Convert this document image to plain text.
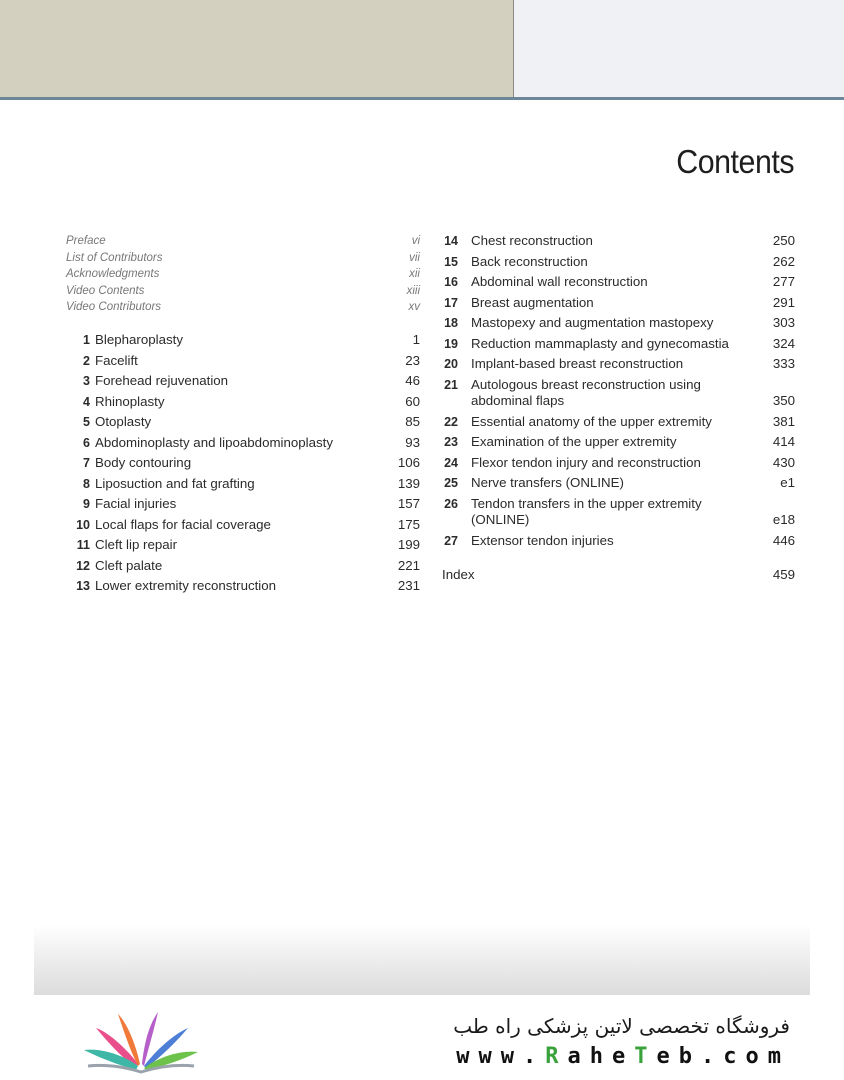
Contents
Preface	vi
List of Contributors	vii
Acknowledgments	xii
Video Contents	xiii
Video Contributors	xv
1 Blepharoplasty	1
2 Facelift	23
3 Forehead rejuvenation	46
4 Rhinoplasty	60
5 Otoplasty	85
6 Abdominoplasty and lipoabdominoplasty	93
7 Body contouring	106
8 Liposuction and fat grafting	139
9 Facial injuries	157
10 Local flaps for facial coverage	175
11 Cleft lip repair	199
12 Cleft palate	221
13 Lower extremity reconstruction	231
14 Chest reconstruction	250
15 Back reconstruction	262
16 Abdominal wall reconstruction	277
17 Breast augmentation	291
18 Mastopexy and augmentation mastopexy	303
19 Reduction mammaplasty and gynecomastia	324
20 Implant-based breast reconstruction	333
21 Autologous breast reconstruction using abdominal flaps	350
22 Essential anatomy of the upper extremity	381
23 Examination of the upper extremity	414
24 Flexor tendon injury and reconstruction	430
25 Nerve transfers (ONLINE)	e1
26 Tendon transfers in the upper extremity (ONLINE)	e18
27 Extensor tendon injuries	446
Index	459
فروشگاه تخصصی لاتین پزشکی راه طب
www.RaheTeb.com
